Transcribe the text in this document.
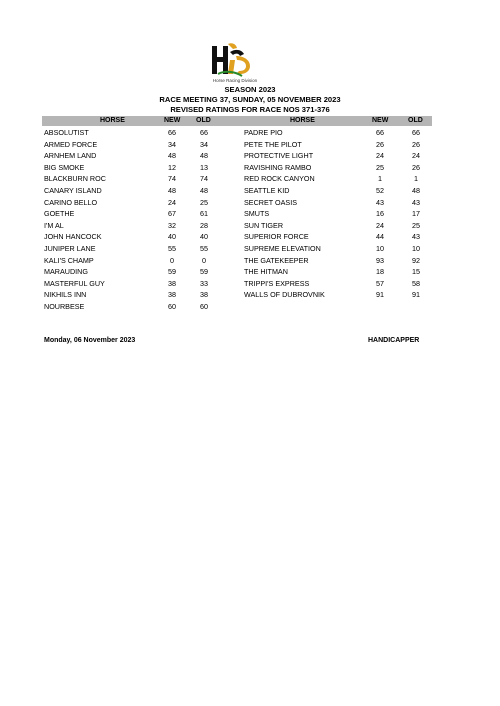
Horse Racing Division
SEASON 2023
RACE MEETING 37, SUNDAY, 05 NOVEMBER 2023
REVISED RATINGS FOR RACE NOS 371-376
HORSE	NEW OLD	HORSE	NEW	OLD
ABSOLUTIST	66	66	PADRE PIO	66	66
ARMED FORCE	34	34	PETE THE PILOT	26	26
ARNHEM LAND	48	48	PROTECTIVE LIGHT	24	24
BIG SMOKE	12	13	RAVISHING RAMBO	25	26
BLACKBURN ROC	74	74	RED ROCK CANYON	1	1
CANARY ISLAND	48	48	SEATTLE KID	52	48
CARINO BELLO	24	25	SECRET OASIS	43	43
GOETHE	67	61	SMUTS	16	17
I'M AL	32	28	SUN TIGER	24	25
JOHN HANCOCK	40	40	SUPERIOR FORCE	44	43
JUNIPER LANE	55	55	SUPREME ELEVATION	10	10
KALI'S CHAMP	0	0	THE GATEKEEPER	93	92
MARAUDING	59	59	THE HITMAN	18	15
MASTERFUL GUY	38	33	TRIPPI'S EXPRESS	57	58
NIKHILS INN	38	38	WALLS OF DUBROVNIK	91	91
NOURBESE	60	60
Monday, 06 November 2023	HANDICAPPER
